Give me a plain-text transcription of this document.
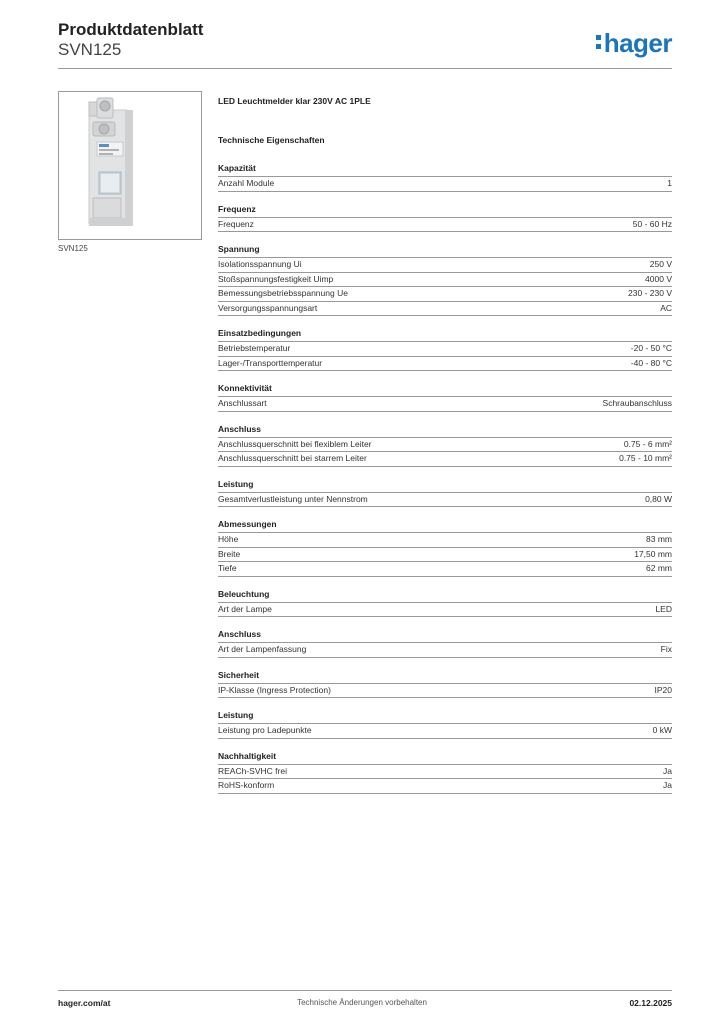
Produktdatenblatt
SVN125	hager
SVN125
LED Leuchtmelder klar 230V AC 1PLE
Technische Eigenschaften
Kapazität
Anzahl Module	1
Frequenz
Frequenz	50 - 60 Hz
Spannung
Isolationsspannung Ui	250 V
Stoßspannungsfestigkeit Uimp	4000 V
Bemessungsbetriebsspannung Ue	230 - 230 V
Versorgungsspannungsart	AC
Einsatzbedingungen
Betriebstemperatur	-20 - 50 °C
Lager-/Transporttemperatur	-40 - 80 °C
Konnektivität
Anschlussart	Schraubanschluss
Anschluss
Anschlussquerschnitt bei flexiblem Leiter	0.75 - 6 mm²
Anschlussquerschnitt bei starrem Leiter	0.75 - 10 mm²
Leistung
Gesamtverlustleistung unter Nennstrom	0,80 W
Abmessungen
Höhe	83 mm
Breite	17,50 mm
Tiefe	62 mm
Beleuchtung
Art der Lampe	LED
Anschluss
Art der Lampenfassung	Fix
Sicherheit
IP-Klasse (Ingress Protection)	IP20
Leistung
Leistung pro Ladepunkte	0 kW
Nachhaltigkeit
REACh-SVHC frei	Ja
RoHS-konform	Ja
hager.com/at	Technische Änderungen vorbehalten	02.12.2025
